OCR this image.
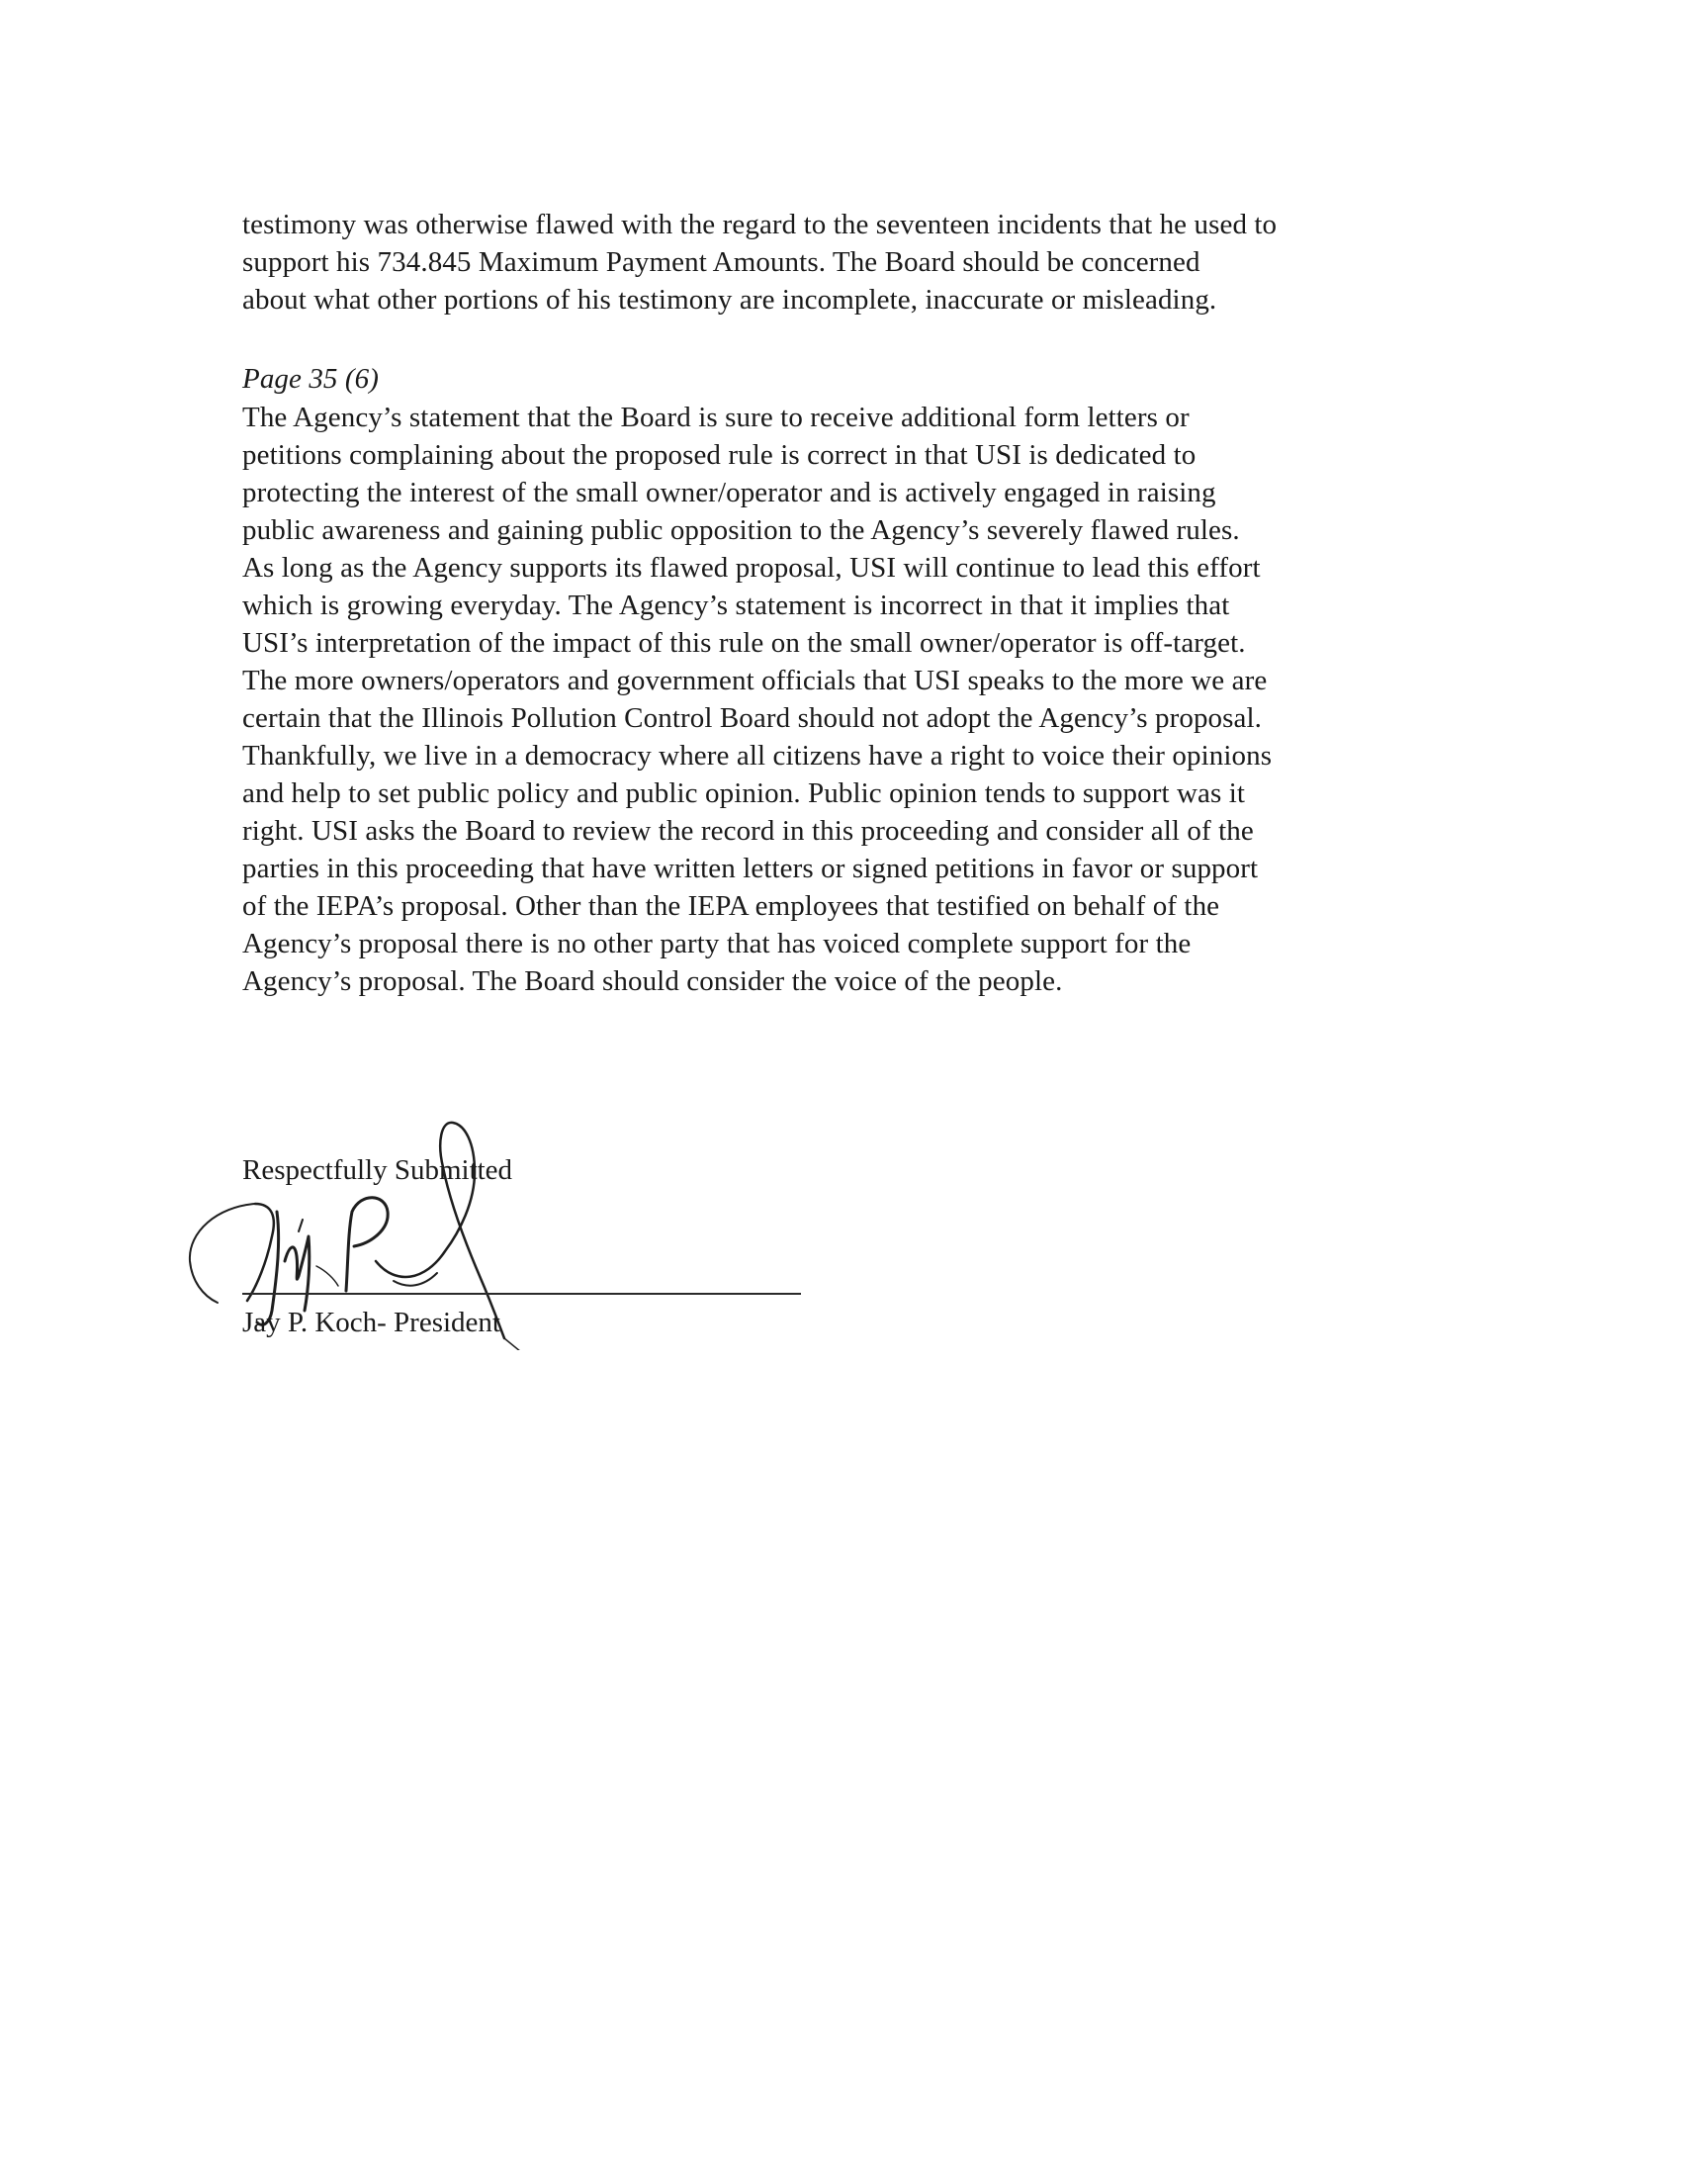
testimony was otherwise flawed with the regard to the seventeen incidents that he used to
support his 734.845 Maximum Payment Amounts. The Board should be concerned
about what other portions of his testimony are incomplete, inaccurate or misleading.
Page 35 (6)
The Agency’s statement that the Board is sure to receive additional form letters or
petitions complaining about the proposed rule is correct in that USI is dedicated to
protecting the interest of the small owner/operator and is actively engaged in raising
public awareness and gaining public opposition to the Agency’s severely flawed rules.
As long as the Agency supports its flawed proposal, USI will continue to lead this effort
which is growing everyday. The Agency’s statement is incorrect in that it implies that
USI’s interpretation of the impact of this rule on the small owner/operator is off-target.
The more owners/operators and government officials that USI speaks to the more we are
certain that the Illinois Pollution Control Board should not adopt the Agency’s proposal.
Thankfully, we live in a democracy where all citizens have a right to voice their opinions
and help to set public policy and public opinion. Public opinion tends to support was it
right. USI asks the Board to review the record in this proceeding and consider all of the
parties in this proceeding that have written letters or signed petitions in favor or support
of the IEPA’s proposal. Other than the IEPA employees that testified on behalf of the
Agency’s proposal there is no other party that has voiced complete support for the
Agency’s proposal. The Board should consider the voice of the people.
Respectfully Submitted
Jay P. Koch- President
